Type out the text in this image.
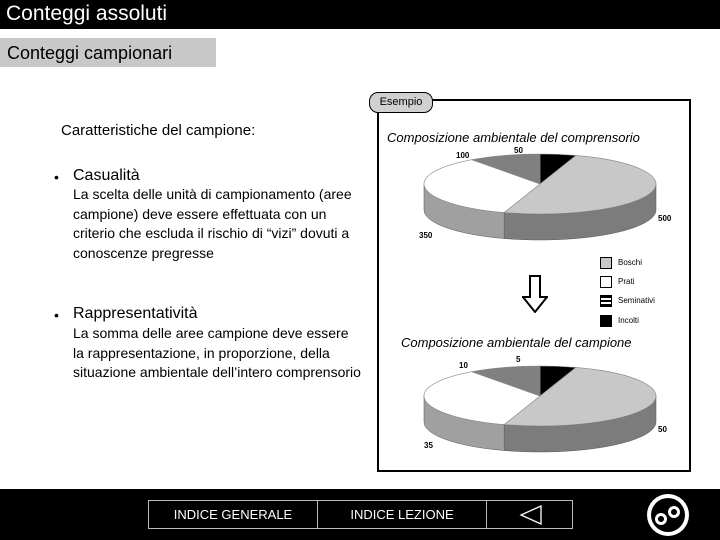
Conteggi assoluti
Conteggi campionari
Caratteristiche del campione:
• Casualità
La scelta delle unità di campionamento (aree campione) deve essere effettuata con un criterio che escluda il rischio di “vizi” dovuti a conoscenze pregresse
• Rappresentatività
La somma delle aree campione deve essere la rappresentazione, in proporzione, della situazione ambientale dell’intero comprensorio
Esempio
Composizione ambientale del comprensorio
50
100
500
350
Boschi
Prati
Seminativi
Incolti
Composizione ambientale del campione
5
10
50
35
INDICE GENERALE	INDICE LEZIONE
